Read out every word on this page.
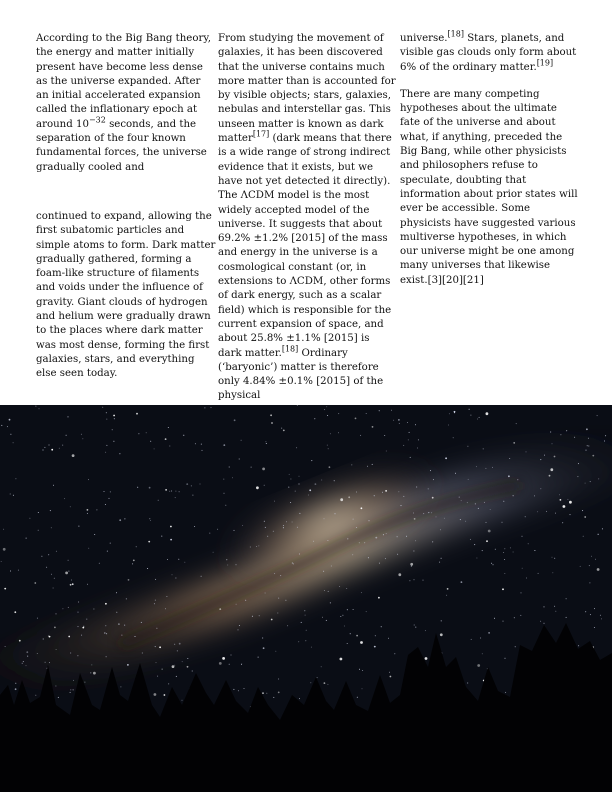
According to the Big Bang theory, the energy and matter initially present have become less dense as the universe expanded. After an initial accelerated expansion called the inflationary epoch at around $10^{-32}$ seconds, and the separation of the four known fundamental forces, the universe gradually cooled and

continued to expand, allowing the first subatomic particles and simple atoms to form. Dark matter gradually gathered, forming a foam-like structure of filaments and voids under the influence of gravity. Giant clouds of hydrogen and helium were gradually drawn to the places where dark matter was most dense, forming the first galaxies, stars, and everything else seen today.

From studying the movement of galaxies, it has been discovered that the universe contains much more matter than is accounted for by visible objects; stars, galaxies, nebulas and interstellar gas. This unseen matter is known as dark matter[17] (dark means that there is a wide range of strong indirect evidence that it exists, but we have not yet detected it directly). The ΛCDM model is the most widely accepted model of the universe. It suggests that about 69.2% ±1.2% [2015] of the mass and energy in the universe is a cosmological constant (or, in extensions to ΛCDM, other forms of dark energy, such as a scalar field) which is responsible for the current expansion of space, and about 25.8% ±1.1% [2015] is dark matter.[18] Ordinary (‘baryonic’) matter is therefore only 4.84% ±0.1% [2015] of the physical

universe.[18] Stars, planets, and visible gas clouds only form about 6% of the ordinary matter.[19]

There are many competing hypotheses about the ultimate fate of the universe and about what, if anything, preceded the Big Bang, while other physicists and philosophers refuse to speculate, doubting that information about prior states will ever be accessible. Some physicists have suggested various multiverse hypotheses, in which our universe might be one among many universes that likewise exist.[3][20][21]
